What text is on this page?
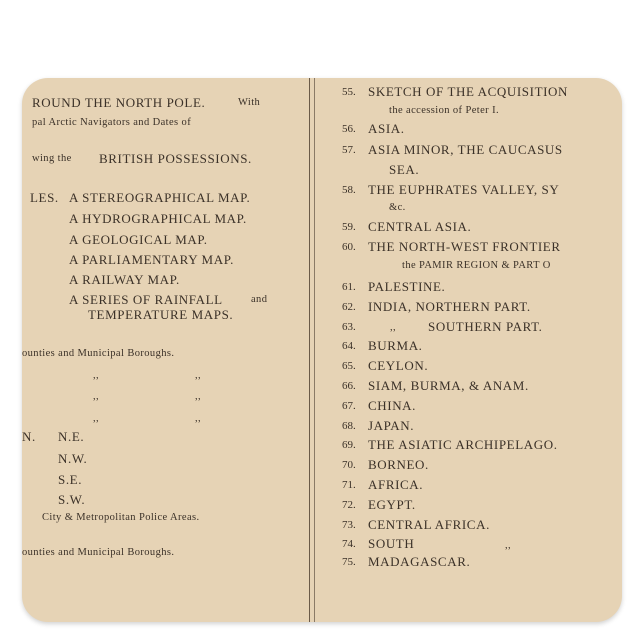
ROUND THE NORTH POLE.	With
pal Arctic Navigators and Dates of
wing the BRITISH POSSESSIONS.
LES. A STEREOGRAPHICAL MAP.
A HYDROGRAPHICAL MAP.
A GEOLOGICAL MAP.
A PARLIAMENTARY MAP.
A RAILWAY MAP.
A SERIES OF RAINFALL	and
TEMPERATURE MAPS.
ounties and Municipal Boroughs.
,,	,,
,,	,,
,,	,,
N. N.E.
N.W.
S.E.
S.W.
City & Metropolitan Police Areas.
ounties and Municipal Boroughs.
55. SKETCH OF THE ACQUISITION
the accession of Peter I.
56. ASIA.
57. ASIA MINOR, THE CAUCASUS
SEA.
58. THE EUPHRATES VALLEY, SY
&c.
59. CENTRAL ASIA.
60. THE NORTH-WEST FRONTIER
the PAMIR REGION & PART O
61. PALESTINE.
62. INDIA, NORTHERN PART.
63.	,, SOUTHERN PART.
64. BURMA.
65. CEYLON.
66. SIAM, BURMA, & ANAM.
67. CHINA.
68. JAPAN.
69. THE ASIATIC ARCHIPELAGO.
70. BORNEO.
71. AFRICA.
72. EGYPT.
73. CENTRAL AFRICA.
74. SOUTH	,,
75. MADAGASCAR.
